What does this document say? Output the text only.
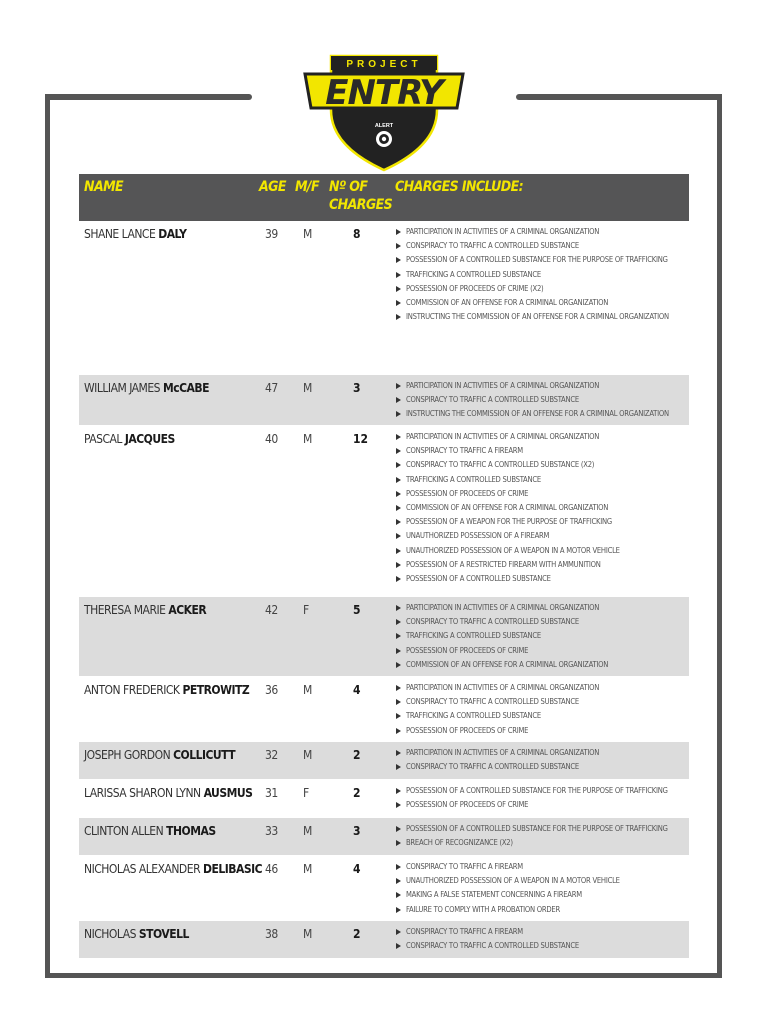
PROJECT
ENTRY
ALERT
NAME	AGE M/F Nº OF
CHARGES
CHARGES INCLUDE:
SHANE LANCE DALY	39 M	8	PARTICIPATION IN ACTIVITIES OF A CRIMINAL ORGANIZATION
CONSPIRACY TO TRAFFIC A CONTROLLED SUBSTANCE
POSSESSION OF A CONTROLLED SUBSTANCE FOR THE PURPOSE OF TRAFFICKING
TRAFFICKING A CONTROLLED SUBSTANCE
POSSESSION OF PROCEEDS OF CRIME (X2)
COMMISSION OF AN OFFENSE FOR A CRIMINAL ORGANIZATION
INSTRUCTING THE COMMISSION OF AN OFFENSE FOR A CRIMINAL ORGANIZATION
WILLIAM JAMES McCABE	47 M	3	PARTICIPATION IN ACTIVITIES OF A CRIMINAL ORGANIZATION
CONSPIRACY TO TRAFFIC A CONTROLLED SUBSTANCE
INSTRUCTING THE COMMISSION OF AN OFFENSE FOR A CRIMINAL ORGANIZATION
PASCAL JACQUES	40 M	12	PARTICIPATION IN ACTIVITIES OF A CRIMINAL ORGANIZATION
CONSPIRACY TO TRAFFIC A FIREARM
CONSPIRACY TO TRAFFIC A CONTROLLED SUBSTANCE (X2)
TRAFFICKING A CONTROLLED SUBSTANCE
POSSESSION OF PROCEEDS OF CRIME
COMMISSION OF AN OFFENSE FOR A CRIMINAL ORGANIZATION
POSSESSION OF A WEAPON FOR THE PURPOSE OF TRAFFICKING
UNAUTHORIZED POSSESSION OF A FIREARM
UNAUTHORIZED POSSESSION OF A WEAPON IN A MOTOR VEHICLE
POSSESSION OF A RESTRICTED FIREARM WITH AMMUNITION
POSSESSION OF A CONTROLLED SUBSTANCE
THERESA MARIE ACKER	42 F	5	PARTICIPATION IN ACTIVITIES OF A CRIMINAL ORGANIZATION
CONSPIRACY TO TRAFFIC A CONTROLLED SUBSTANCE
TRAFFICKING A CONTROLLED SUBSTANCE
POSSESSION OF PROCEEDS OF CRIME
COMMISSION OF AN OFFENSE FOR A CRIMINAL ORGANIZATION
ANTON FREDERICK PETROWITZ 36 M	4	PARTICIPATION IN ACTIVITIES OF A CRIMINAL ORGANIZATION
CONSPIRACY TO TRAFFIC A CONTROLLED SUBSTANCE
TRAFFICKING A CONTROLLED SUBSTANCE
POSSESSION OF PROCEEDS OF CRIME
JOSEPH GORDON COLLICUTT 32 M	2	PARTICIPATION IN ACTIVITIES OF A CRIMINAL ORGANIZATION
CONSPIRACY TO TRAFFIC A CONTROLLED SUBSTANCE
LARISSA SHARON LYNN AUSMUS 31 F	2	POSSESSION OF A CONTROLLED SUBSTANCE FOR THE PURPOSE OF TRAFFICKING
POSSESSION OF PROCEEDS OF CRIME
CLINTON ALLEN THOMAS	33 M	3	POSSESSION OF A CONTROLLED SUBSTANCE FOR THE PURPOSE OF TRAFFICKING
BREACH OF RECOGNIZANCE (X2)
NICHOLAS ALEXANDER DELIBASIC 46 M	4	CONSPIRACY TO TRAFFIC A FIREARM
UNAUTHORIZED POSSESSION OF A WEAPON IN A MOTOR VEHICLE
MAKING A FALSE STATEMENT CONCERNING A FIREARM
FAILURE TO COMPLY WITH A PROBATION ORDER
NICHOLAS STOVELL	38 M	2	CONSPIRACY TO TRAFFIC A FIREARM
CONSPIRACY TO TRAFFIC A CONTROLLED SUBSTANCE
